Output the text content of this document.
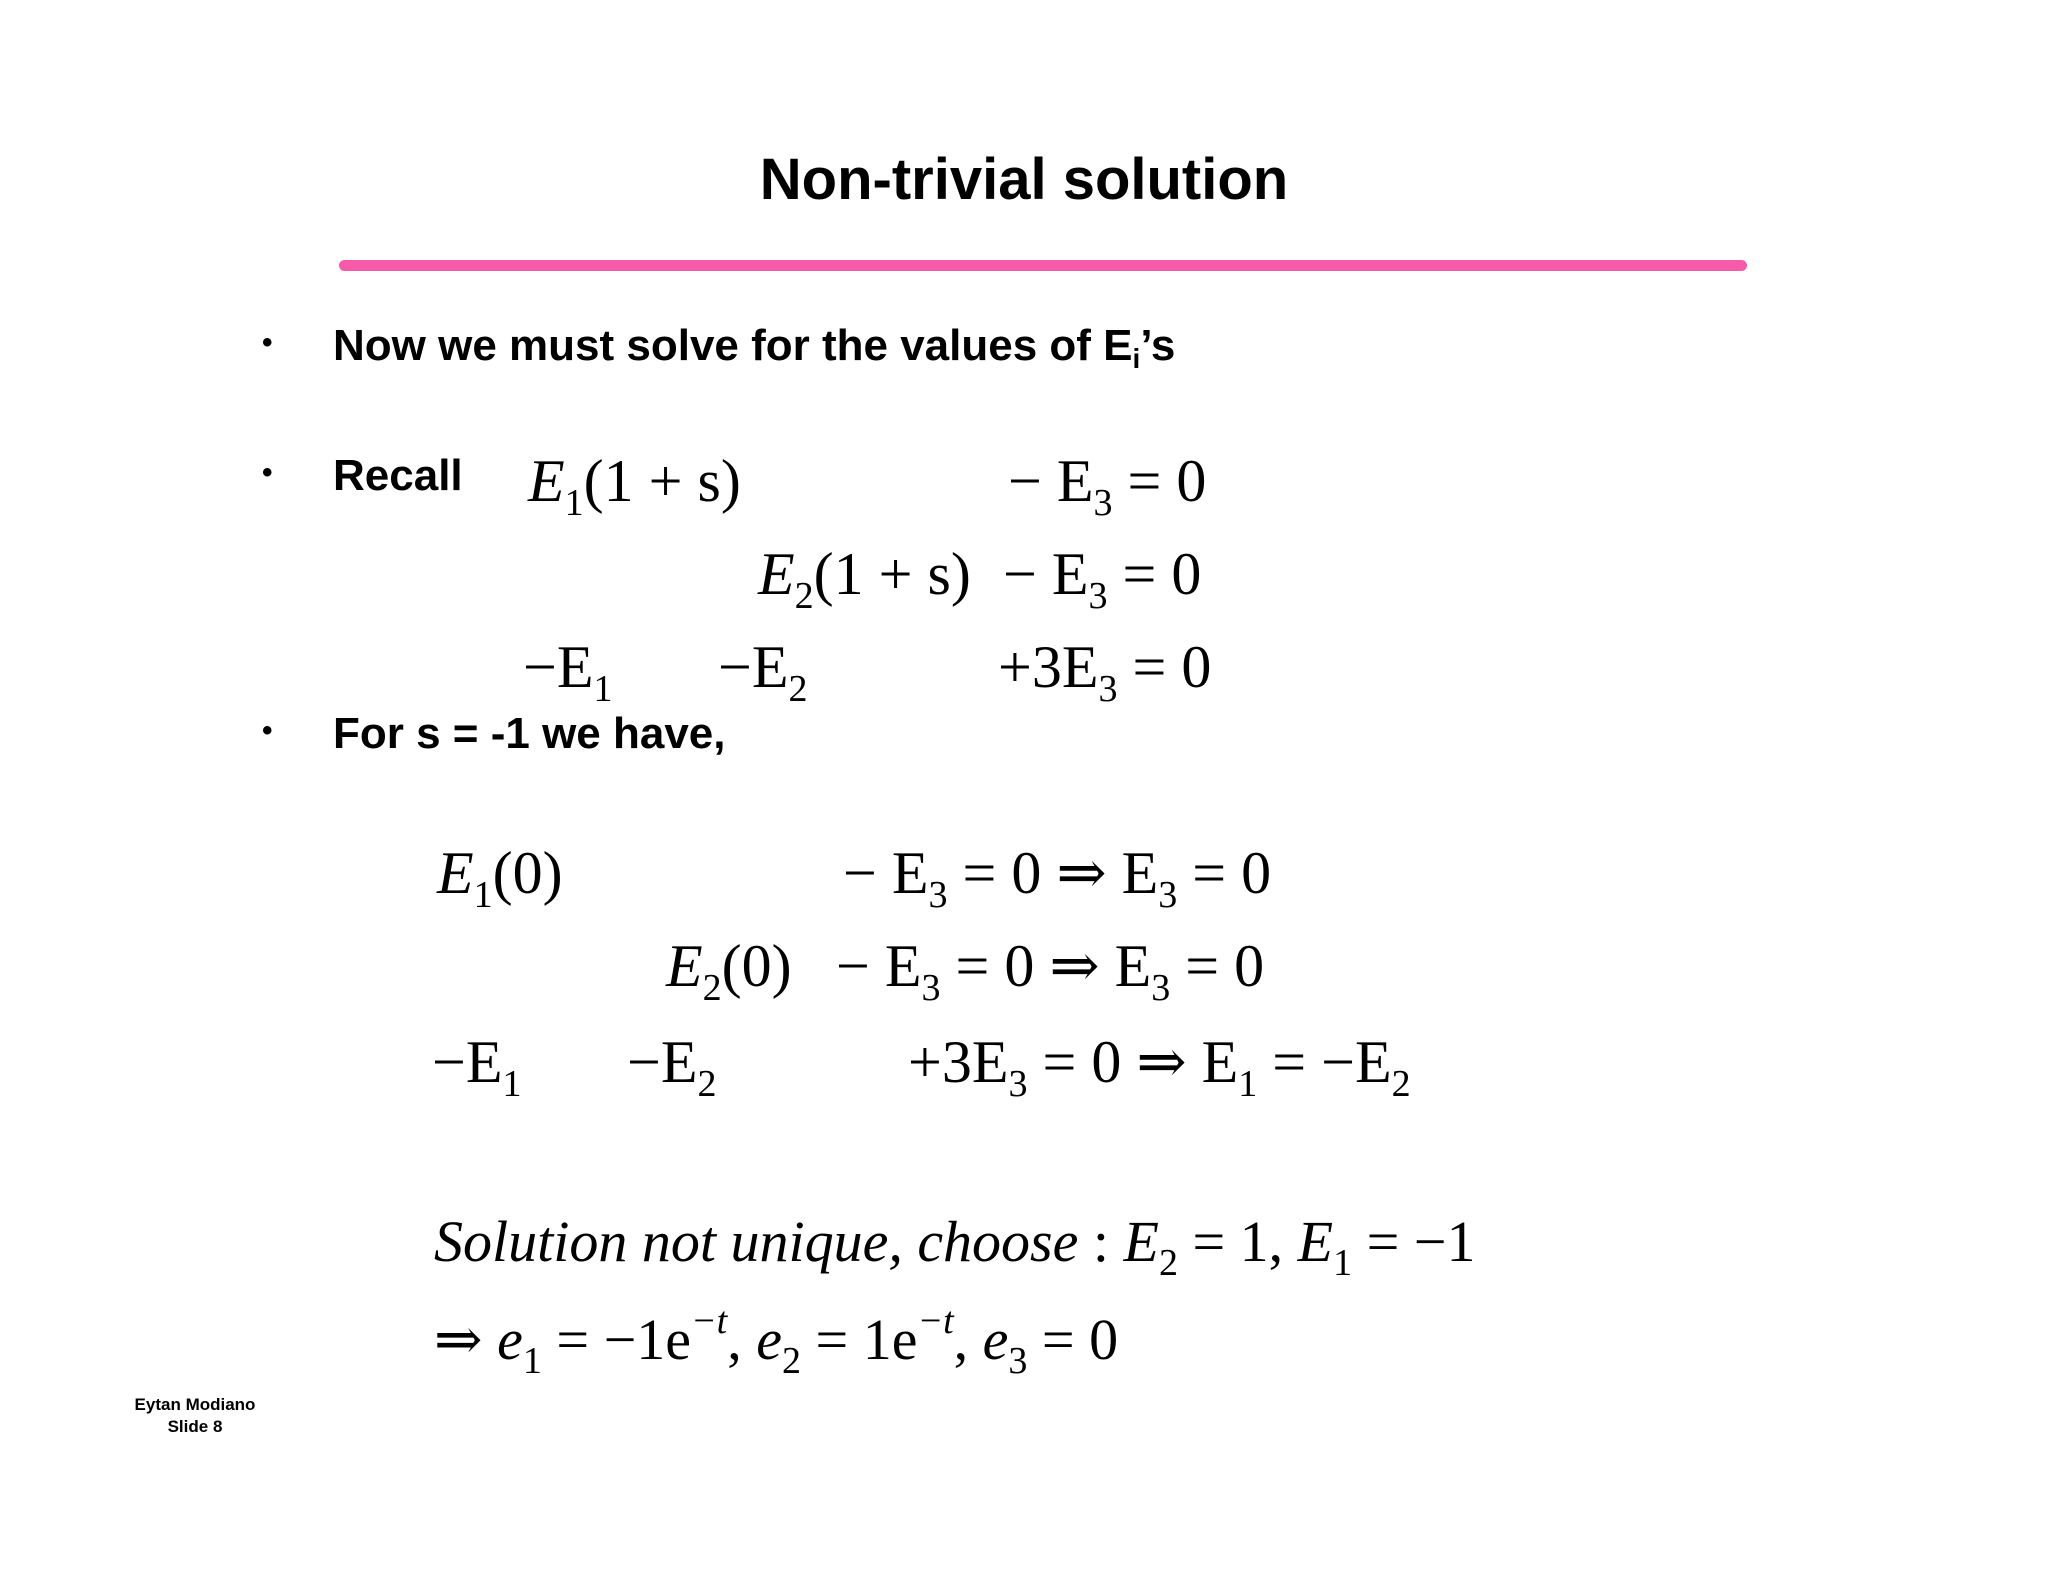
Non-trivial solution
• Now we must solve for the values of $E_i’s$
• Recall $E_1(1 + s)$	− $E_3 = 0$
$E_2(1 + s) - E_3 = 0$
$-E_1 -E_2$	$+3E_3 = 0$
• For s = -1 we have,
$E_1(0)$	− $E_3 = 0$ ⇒ $E_3 = 0$
$E_2(0) - E_3 = 0$ ⇒ $E_3 = 0$
$-E_1 -E_2$	$+3E_3 = 0$ ⇒ $E_1 = -E_2$
Solution not unique, choose : $E_2 = 1$, $E_1 = -1$
⇒ $e_1 = -1e^{-t}$, $e_2 = 1e^{-t}$, $e_3 = 0$
Eytan Modiano
Slide 8
